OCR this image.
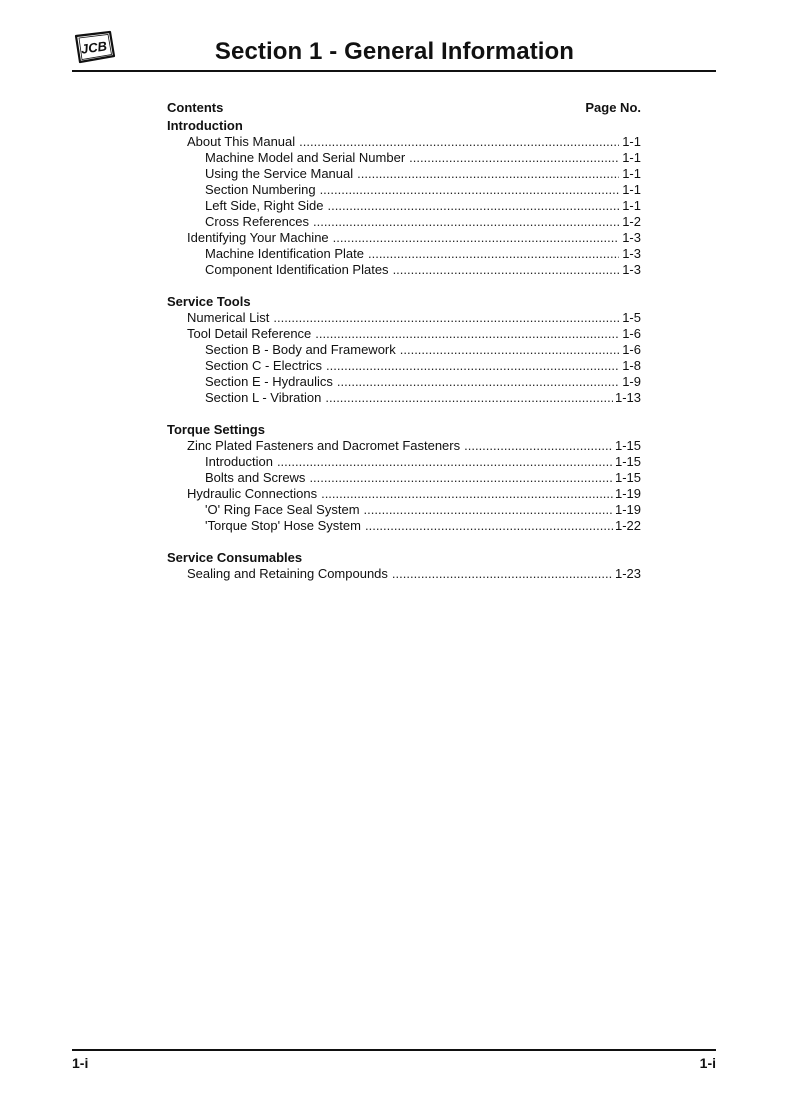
JCB	Section 1 - General Information
Contents	Page No.
Introduction
About This Manual .....	1-1
Machine Model and Serial Number .....	1-1
Using the Service Manual .....	1-1
Section Numbering .....	1-1
Left Side, Right Side .....	1-1
Cross References .....	1-2
Identifying Your Machine .....	1-3
Machine Identification Plate .....	1-3
Component Identification Plates .....	1-3
Service Tools
Numerical List .....	1-5
Tool Detail Reference .....	1-6
Section B - Body and Framework .....	1-6
Section C - Electrics .....	1-8
Section E - Hydraulics .....	1-9
Section L - Vibration .....	1-13
Torque Settings
Zinc Plated Fasteners and Dacromet Fasteners .....	1-15
Introduction .....	1-15
Bolts and Screws .....	1-15
Hydraulic Connections .....	1-19
'O' Ring Face Seal System .....	1-19
'Torque Stop' Hose System .....	1-22
Service Consumables
Sealing and Retaining Compounds .....	1-23
1-i	1-i
